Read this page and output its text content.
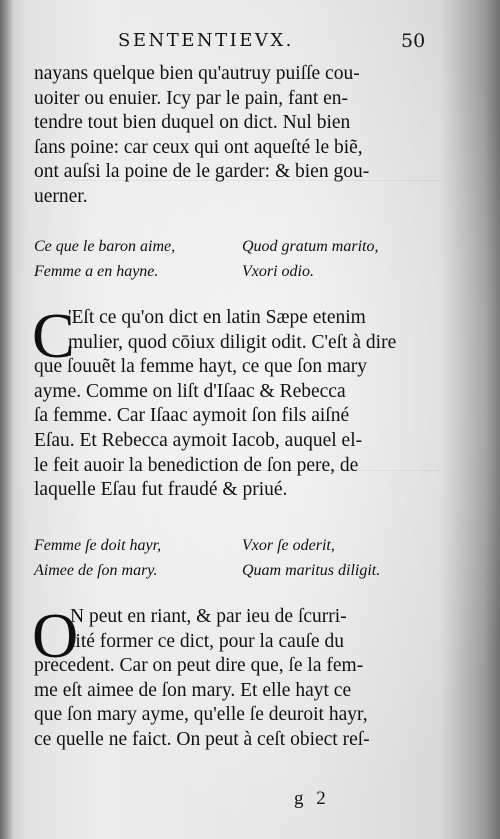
SENTENTIEVX.	50
nayans quelque bien qu'autruy puiſſe cou-
uoiter ou enuier. Icy par le pain, fant en-
tendre tout bien duquel on dict. Nul bien
ſans poine: car ceux qui ont aqueſté le biẽ,
ont auſsi la poine de le garder: & bien gou-
uerner.
Ce que le baron aime,	Quod gratum marito,
Femme a en hayne.	Vxori odio.
C
'Eſt ce qu'on dict en latin Sæpe etenim
mulier, quod cōiux diligit odit. C'eſt à dire
que ſouuẽt la femme hayt, ce que ſon mary
ayme. Comme on liſt d'Iſaac & Rebecca
ſa femme. Car Iſaac aymoit ſon fils aiſné
Eſau. Et Rebecca aymoit Iacob, auquel el-
le feit auoir la benediction de ſon pere, de
laquelle Eſau fut fraudé & priué.
Femme ſe doit hayr,	Vxor ſe oderit,
Aimee de ſon mary.	Quam maritus diligit.
O
N peut en riant, & par ieu de ſcurri-
lité former ce dict, pour la cauſe du
precedent. Car on peut dire que, ſe la fem-
me eſt aimee de ſon mary. Et elle hayt ce
que ſon mary ayme, qu'elle ſe deuroit hayr,
ce quelle ne faict. On peut à ceſt obiect reſ-
g 2
